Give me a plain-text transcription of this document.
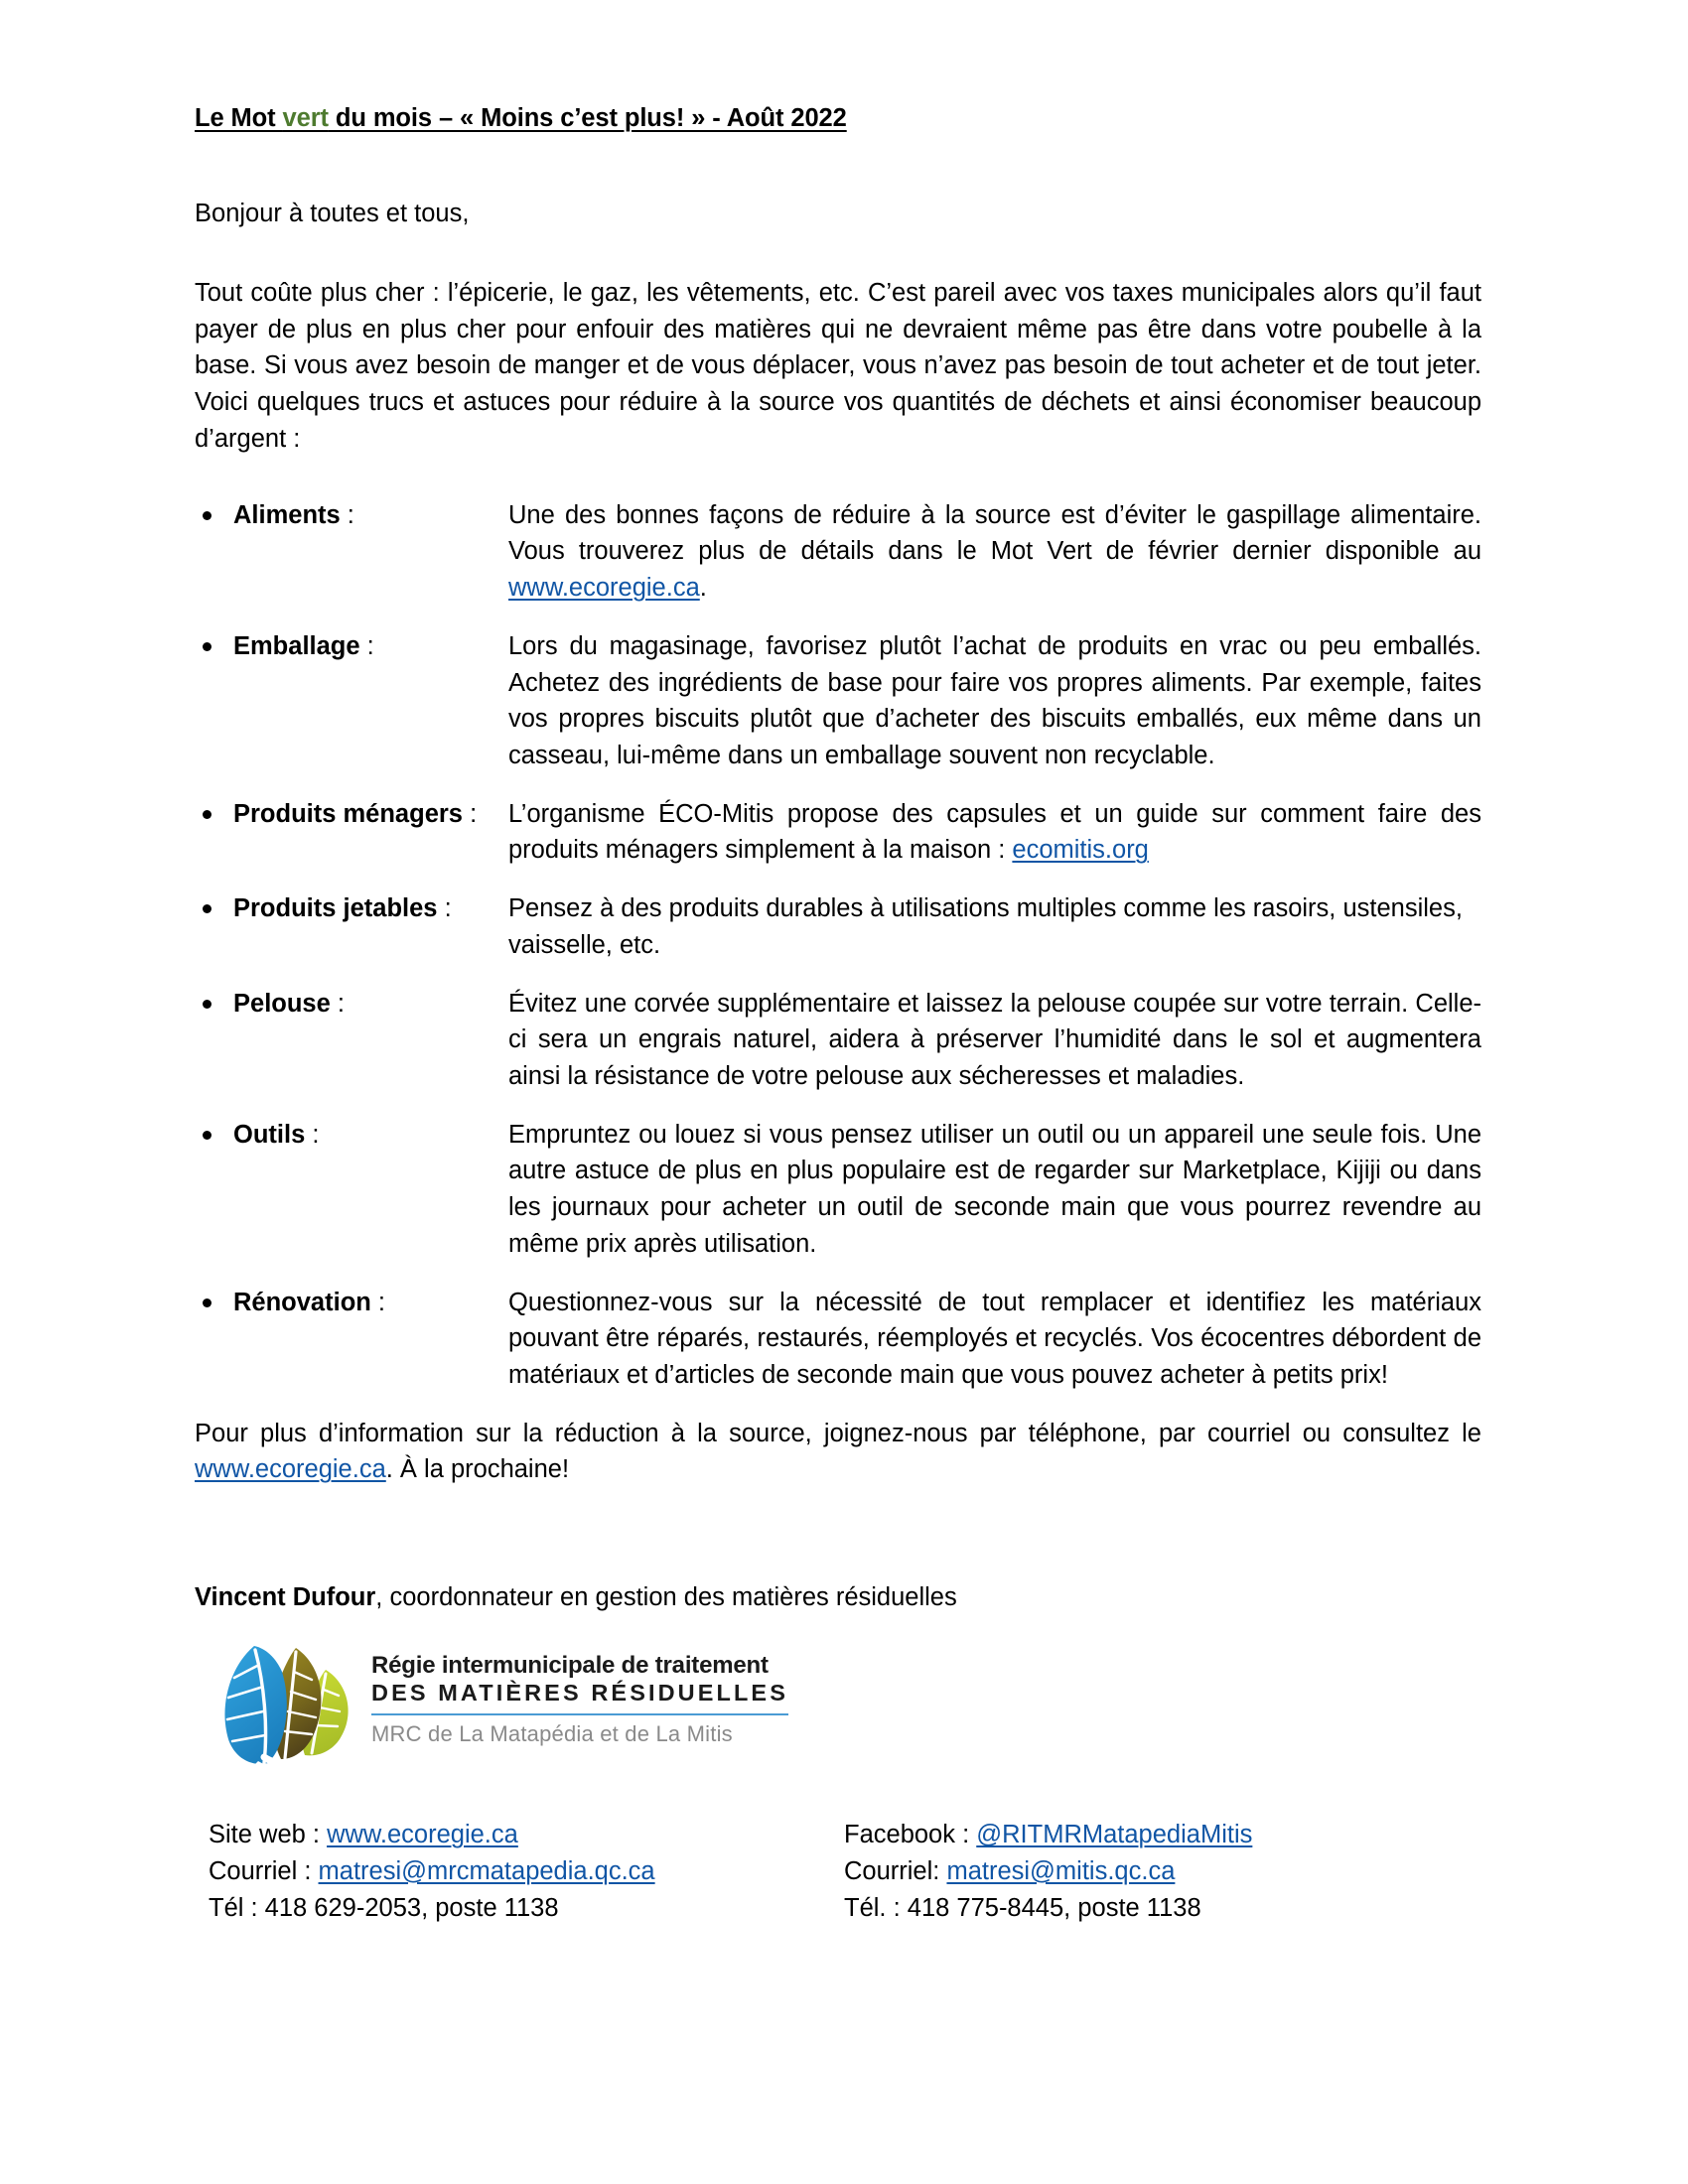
Le Mot vert du mois – « Moins c’est plus! » - Août 2022

Bonjour à toutes et tous,

Tout coûte plus cher : l’épicerie, le gaz, les vêtements, etc. C’est pareil avec vos taxes municipales alors qu’il faut payer de plus en plus cher pour enfouir des matières qui ne devraient même pas être dans votre poubelle à la base. Si vous avez besoin de manger et de vous déplacer, vous n’avez pas besoin de tout acheter et de tout jeter. Voici quelques trucs et astuces pour réduire à la source vos quantités de déchets et ainsi économiser beaucoup d’argent :

Aliments :	Une des bonnes façons de réduire à la source est d’éviter le gaspillage alimentaire. Vous trouverez plus de détails dans le Mot Vert de février dernier disponible au www.ecoregie.ca.
Emballage :	Lors du magasinage, favorisez plutôt l’achat de produits en vrac ou peu emballés. Achetez des ingrédients de base pour faire vos propres aliments. Par exemple, faites vos propres biscuits plutôt que d’acheter des biscuits emballés, eux même dans un casseau, lui-même dans un emballage souvent non recyclable.
Produits ménagers : L’organisme ÉCO-Mitis propose des capsules et un guide sur comment faire des produits ménagers simplement à la maison : ecomitis.org
Produits jetables : Pensez à des produits durables à utilisations multiples comme les rasoirs, ustensiles, vaisselle, etc.
Pelouse :	Évitez une corvée supplémentaire et laissez la pelouse coupée sur votre terrain. Celle-ci sera un engrais naturel, aidera à préserver l’humidité dans le sol et augmentera ainsi la résistance de votre pelouse aux sécheresses et maladies.
Outils :	Empruntez ou louez si vous pensez utiliser un outil ou un appareil une seule fois. Une autre astuce de plus en plus populaire est de regarder sur Marketplace, Kijiji ou dans les journaux pour acheter un outil de seconde main que vous pourrez revendre au même prix après utilisation.
Rénovation :	Questionnez-vous sur la nécessité de tout remplacer et identifiez les matériaux pouvant être réparés, restaurés, réemployés et recyclés. Vos écocentres débordent de matériaux et d’articles de seconde main que vous pouvez acheter à petits prix!

Pour plus d’information sur la réduction à la source, joignez-nous par téléphone, par courriel ou consultez le www.ecoregie.ca. À la prochaine!

Vincent Dufour, coordonnateur en gestion des matières résiduelles

Régie intermunicipale de traitement
DES MATIÈRES RÉSIDUELLES
MRC de La Matapédia et de La Mitis
Site web : www.ecoregie.ca
Courriel : matresi@mrcmatapedia.qc.ca
Tél : 418 629-2053, poste 1138
Facebook : @RITMRMatapediaMitis
Courriel: matresi@mitis.qc.ca
Tél. : 418 775-8445, poste 1138
